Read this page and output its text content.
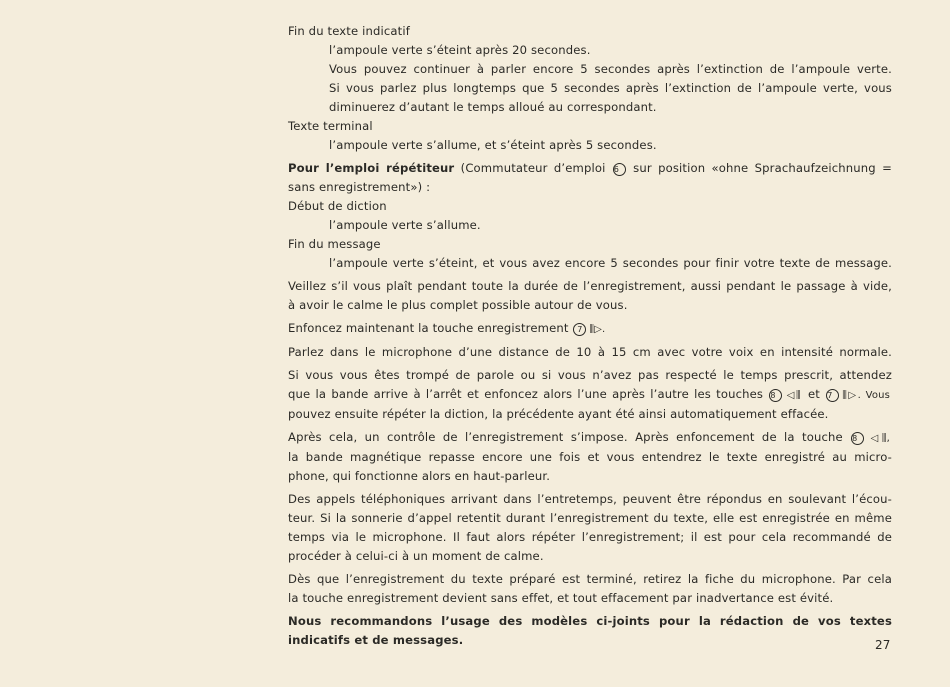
Fin du texte indicatif

l’ampoule verte s’éteint après 20 secondes.

Vous pouvez continuer à parler encore 5 secondes après l’extinction de l’ampoule verte.

Si vous parlez plus longtemps que 5 secondes après l’extinction de l’ampoule verte, vous

diminuerez d’autant le temps alloué au correspondant.

Texte terminal

l’ampoule verte s’allume, et s’éteint après 5 secondes.

Pour l’emploi répétiteur (Commutateur d’emploi 6 sur position «ohne Sprachaufzeichnung =

sans enregistrement») :

Début de diction

l’ampoule verte s’allume.

Fin du message

l’ampoule verte s’éteint, et vous avez encore 5 secondes pour finir votre texte de message.

Veillez s’il vous plaît pendant toute la durée de l’enregistrement, aussi pendant le passage à vide,

à avoir le calme le plus complet possible autour de vous.

Enfoncez maintenant la touche enregistrement 7 ⫼▷.

Parlez dans le microphone d’une distance de 10 à 15 cm avec votre voix en intensité normale.

Si vous vous êtes trompé de parole ou si vous n’avez pas respecté le temps prescrit, attendez

que la bande arrive à l’arrêt et enfoncez alors l’une après l’autre les touches 8 ◁⫼ et 7 ⫼▷. Vous

pouvez ensuite répéter la diction, la précédente ayant été ainsi automatiquement effacée.

Après cela, un contrôle de l’enregistrement s’impose. Après enfoncement de la touche 8 ◁⫼,

la bande magnétique repasse encore une fois et vous entendrez le texte enregistré au micro-

phone, qui fonctionne alors en haut-parleur.

Des appels téléphoniques arrivant dans l’entretemps, peuvent être répondus en soulevant l’écou-

teur. Si la sonnerie d’appel retentit durant l’enregistrement du texte, elle est enregistrée en même

temps via le microphone. Il faut alors répéter l’enregistrement; il est pour cela recommandé de

procéder à celui-ci à un moment de calme.

Dès que l’enregistrement du texte préparé est terminé, retirez la fiche du microphone. Par cela

la touche enregistrement devient sans effet, et tout effacement par inadvertance est évité.

Nous recommandons l’usage des modèles ci-joints pour la rédaction de vos textes

indicatifs et de messages.	27
